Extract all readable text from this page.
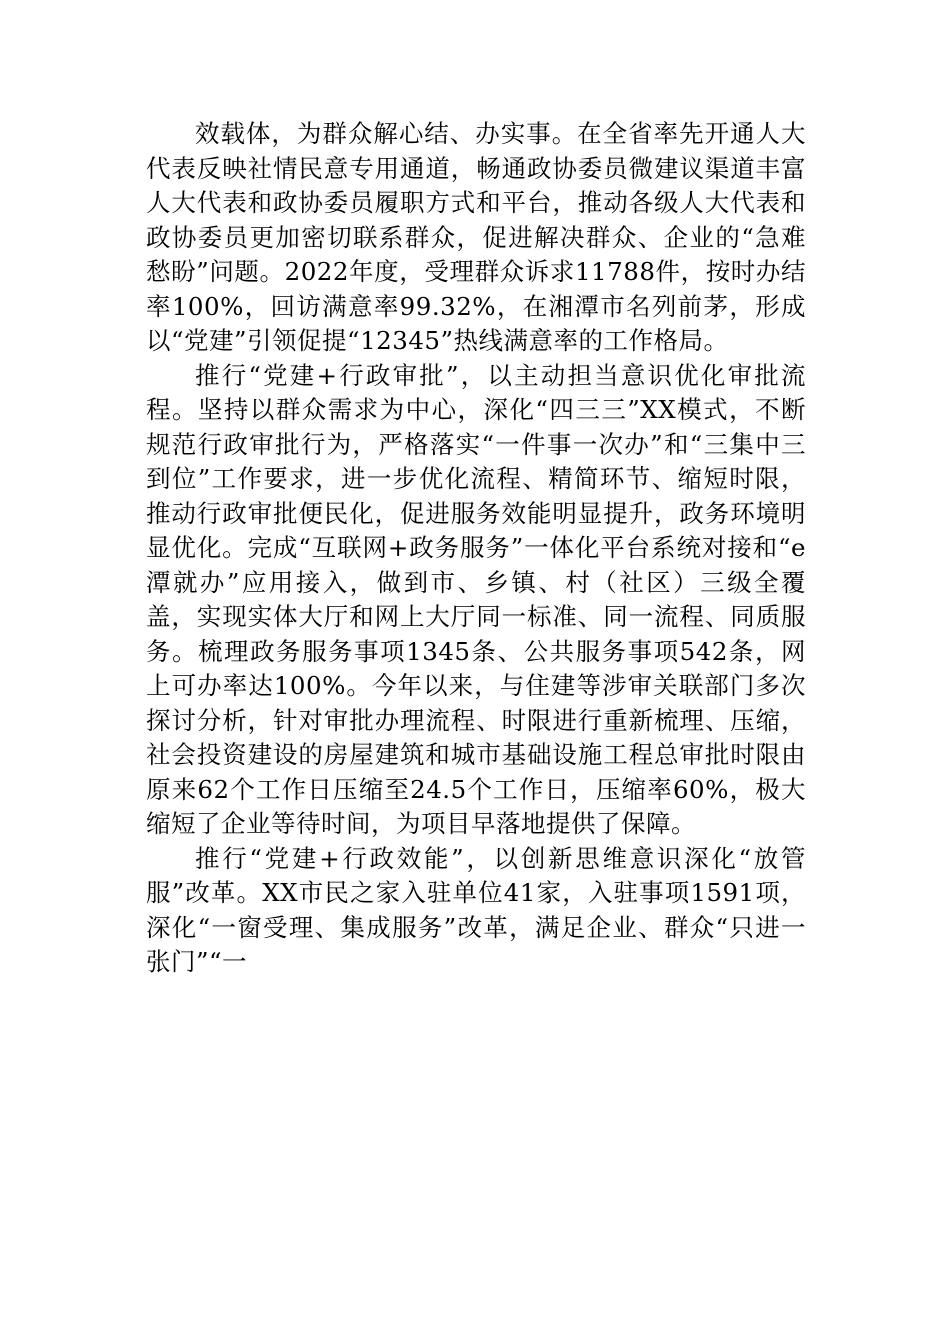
效载体，为群众解心结、办实事。在全省率先开通人大代表反映社情民意专用通道，畅通政协委员微建议渠道丰富人大代表和政协委员履职方式和平台，推动各级人大代表和政协委员更加密切联系群众，促进解决群众、企业的“急难愁盼”问题。2022年度，受理群众诉求11788件，按时办结率100%，回访满意率99.32%，在湘潭市名列前茅，形成以“党建”引领促提“12345”热线满意率的工作格局。

推行“党建+行政审批”，以主动担当意识优化审批流程。坚持以群众需求为中心，深化“四三三”XX模式，不断规范行政审批行为，严格落实“一件事一次办”和“三集中三到位”工作要求，进一步优化流程、精简环节、缩短时限，推动行政审批便民化，促进服务效能明显提升，政务环境明显优化。完成“互联网+政务服务”一体化平台系统对接和“e潭就办”应用接入，做到市、乡镇、村（社区）三级全覆盖，实现实体大厅和网上大厅同一标准、同一流程、同质服务。梳理政务服务事项1345条、公共服务事项542条，网上可办率达100%。今年以来，与住建等涉审关联部门多次探讨分析，针对审批办理流程、时限进行重新梳理、压缩，社会投资建设的房屋建筑和城市基础设施工程总审批时限由原来62个工作日压缩至24.5个工作日，压缩率60%，极大缩短了企业等待时间，为项目早落地提供了保障。

推行“党建+行政效能”，以创新思维意识深化“放管服”改革。XX市民之家入驻单位41家，入驻事项1591项，深化“一窗受理、集成服务”改革，满足企业、群众“只进一张门”“一
